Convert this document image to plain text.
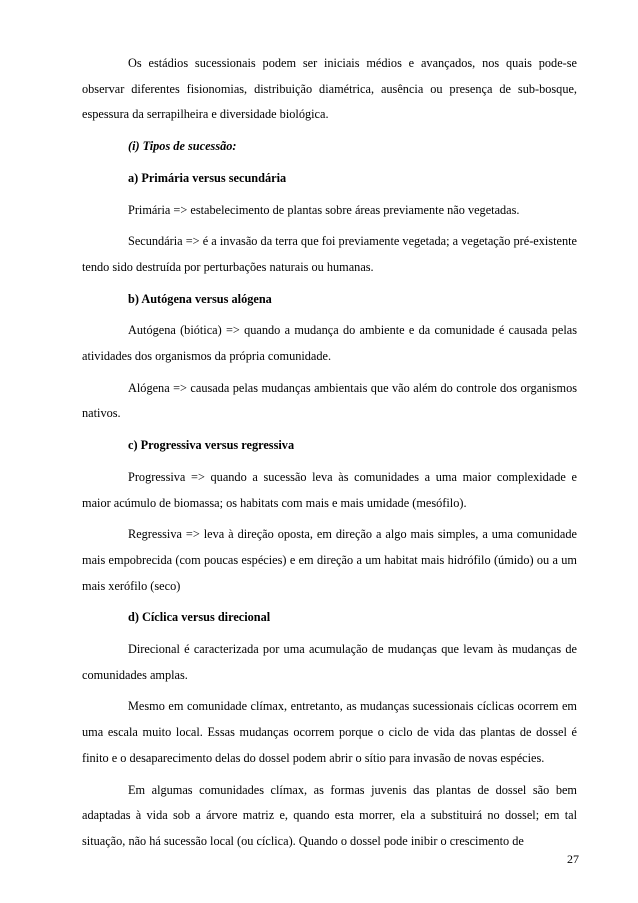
Os estádios sucessionais podem ser iniciais médios e avançados, nos quais pode-se observar diferentes fisionomias, distribuição diamétrica, ausência ou presença de sub-bosque, espessura da serrapilheira e diversidade biológica.

(i) Tipos de sucessão:

a) Primária versus secundária

Primária => estabelecimento de plantas sobre áreas previamente não vegetadas.

Secundária => é a invasão da terra que foi previamente vegetada; a vegetação pré-existente tendo sido destruída por perturbações naturais ou humanas.

b) Autógena versus alógena

Autógena (biótica) => quando a mudança do ambiente e da comunidade é causada pelas atividades dos organismos da própria comunidade.

Alógena => causada pelas mudanças ambientais que vão além do controle dos organismos nativos.

c) Progressiva versus regressiva

Progressiva => quando a sucessão leva às comunidades a uma maior complexidade e maior acúmulo de biomassa; os habitats com mais e mais umidade (mesófilo).

Regressiva => leva à direção oposta, em direção a algo mais simples, a uma comunidade mais empobrecida (com poucas espécies) e em direção a um habitat mais hidrófilo (úmido) ou a um mais xerófilo (seco)

d) Cíclica versus direcional

Direcional é caracterizada por uma acumulação de mudanças que levam às mudanças de comunidades amplas.

Mesmo em comunidade clímax, entretanto, as mudanças sucessionais cíclicas ocorrem em uma escala muito local. Essas mudanças ocorrem porque o ciclo de vida das plantas de dossel é finito e o desaparecimento delas do dossel podem abrir o sítio para invasão de novas espécies.

Em algumas comunidades clímax, as formas juvenis das plantas de dossel são bem adaptadas à vida sob a árvore matriz e, quando esta morrer, ela a substituirá no dossel; em tal situação, não há sucessão local (ou cíclica). Quando o dossel pode inibir o crescimento de

27
